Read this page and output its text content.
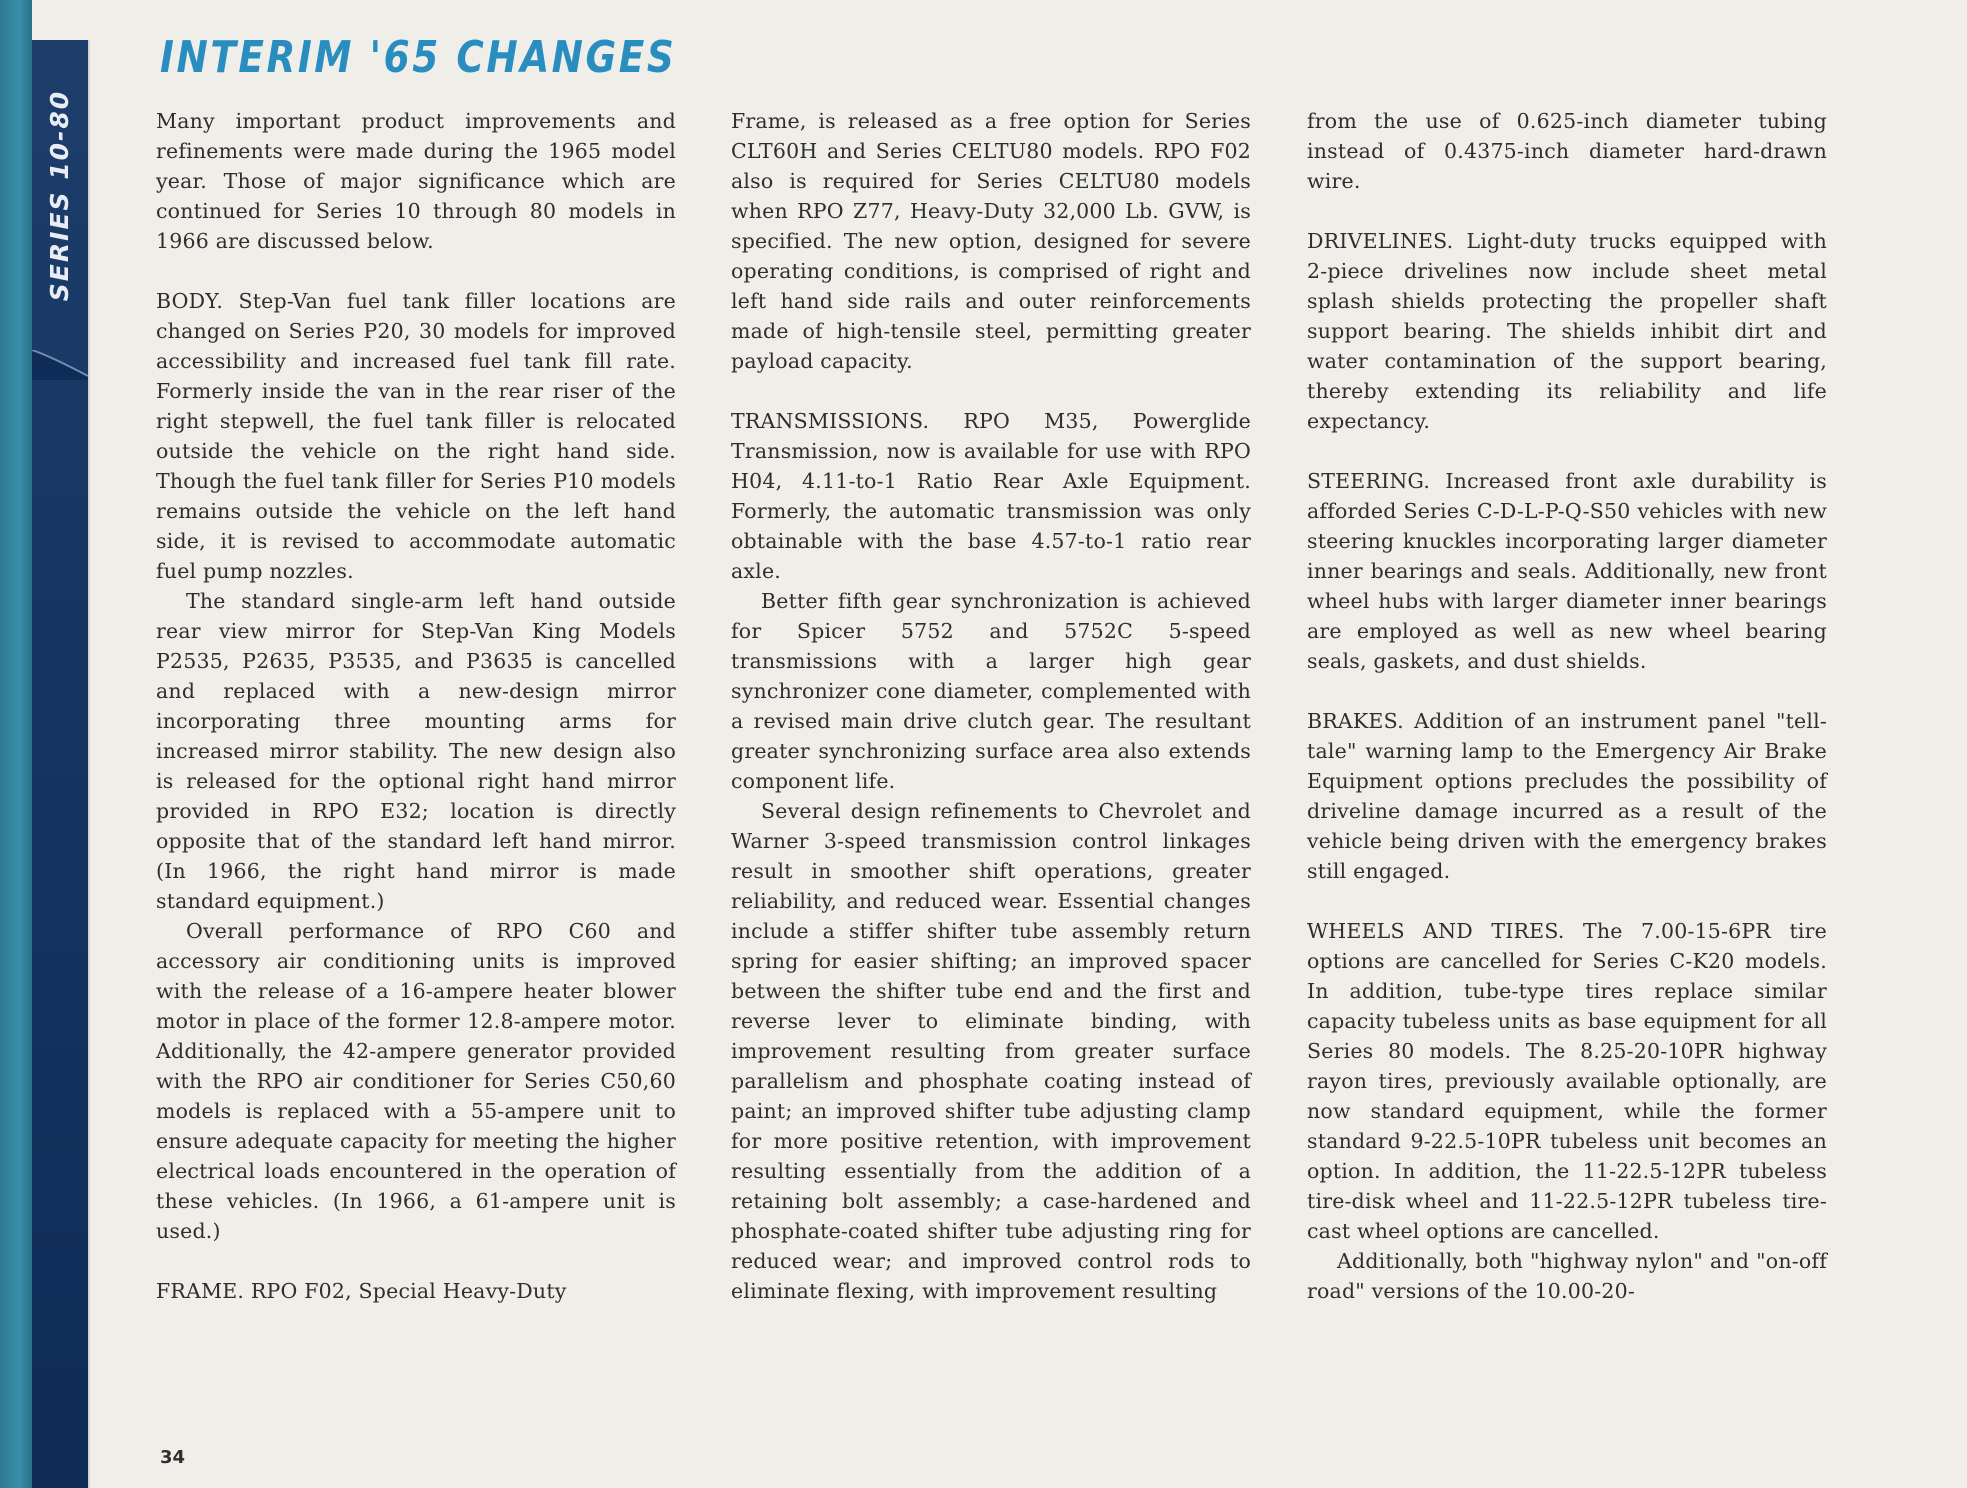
SERIES 10-80
INTERIM '65 CHANGES

Many important product improvements and refinements were made during the 1965 model year. Those of major significance which are continued for Series 10 through 80 models in 1966 are discussed below.

BODY. Step-Van fuel tank filler locations are changed on Series P20, 30 models for improved accessibility and increased fuel tank fill rate. Formerly inside the van in the rear riser of the right stepwell, the fuel tank filler is relocated outside the vehicle on the right hand side. Though the fuel tank filler for Series P10 models remains outside the vehicle on the left hand side, it is revised to accommodate automatic fuel pump nozzles.

The standard single-arm left hand outside rear view mirror for Step-Van King Models P2535, P2635, P3535, and P3635 is cancelled and replaced with a new-design mirror incorporating three mounting arms for increased mirror stability. The new design also is released for the optional right hand mirror provided in RPO E32; location is directly opposite that of the standard left hand mirror. (In 1966, the right hand mirror is made standard equipment.)

Overall performance of RPO C60 and accessory air conditioning units is improved with the release of a 16-ampere heater blower motor in place of the former 12.8-ampere motor. Additionally, the 42-ampere generator provided with the RPO air conditioner for Series C50,60 models is replaced with a 55-ampere unit to ensure adequate capacity for meeting the higher electrical loads encountered in the operation of these vehicles. (In 1966, a 61-ampere unit is used.)

FRAME. RPO F02, Special Heavy-Duty

Frame, is released as a free option for Series CLT60H and Series CELTU80 models. RPO F02 also is required for Series CELTU80 models when RPO Z77, Heavy-Duty 32,000 Lb. GVW, is specified. The new option, designed for severe operating conditions, is comprised of right and left hand side rails and outer reinforcements made of high-tensile steel, permitting greater payload capacity.

TRANSMISSIONS. RPO M35, Powerglide Transmission, now is available for use with RPO H04, 4.11-to-1 Ratio Rear Axle Equipment. Formerly, the automatic transmission was only obtainable with the base 4.57-to-1 ratio rear axle.

Better fifth gear synchronization is achieved for Spicer 5752 and 5752C 5-speed transmissions with a larger high gear synchronizer cone diameter, complemented with a revised main drive clutch gear. The resultant greater synchronizing surface area also extends component life.

Several design refinements to Chevrolet and Warner 3-speed transmission control linkages result in smoother shift operations, greater reliability, and reduced wear. Essential changes include a stiffer shifter tube assembly return spring for easier shifting; an improved spacer between the shifter tube end and the first and reverse lever to eliminate binding, with improvement resulting from greater surface parallelism and phosphate coating instead of paint; an improved shifter tube adjusting clamp for more positive retention, with improvement resulting essentially from the addition of a retaining bolt assembly; a case-hardened and phosphate-coated shifter tube adjusting ring for reduced wear; and improved control rods to eliminate flexing, with improvement resulting

from the use of 0.625-inch diameter tubing instead of 0.4375-inch diameter hard-drawn wire.

DRIVELINES. Light-duty trucks equipped with 2-piece drivelines now include sheet metal splash shields protecting the propeller shaft support bearing. The shields inhibit dirt and water contamination of the support bearing, thereby extending its reliability and life expectancy.

STEERING. Increased front axle durability is afforded Series C-D-L-P-Q-S50 vehicles with new steering knuckles incorporating larger diameter inner bearings and seals. Additionally, new front wheel hubs with larger diameter inner bearings are employed as well as new wheel bearing seals, gaskets, and dust shields.

BRAKES. Addition of an instrument panel "tell-tale" warning lamp to the Emergency Air Brake Equipment options precludes the possibility of driveline damage incurred as a result of the vehicle being driven with the emergency brakes still engaged.

WHEELS AND TIRES. The 7.00-15-6PR tire options are cancelled for Series C-K20 models. In addition, tube-type tires replace similar capacity tubeless units as base equipment for all Series 80 models. The 8.25-20-10PR highway rayon tires, previously available optionally, are now standard equipment, while the former standard 9-22.5-10PR tubeless unit becomes an option. In addition, the 11-22.5-12PR tubeless tire-disk wheel and 11-22.5-12PR tubeless tire-cast wheel options are cancelled.

Additionally, both "highway nylon" and "on-off road" versions of the 10.00-20-

34
